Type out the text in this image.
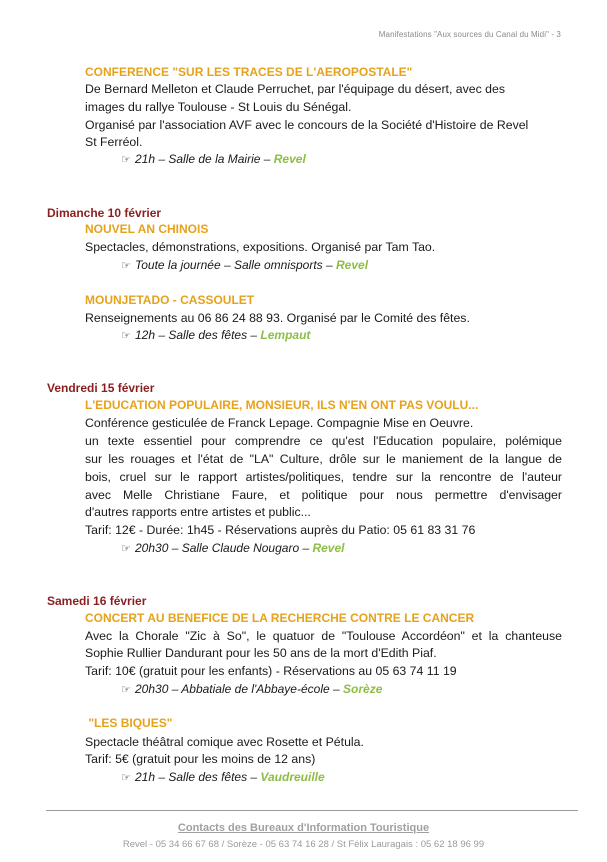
Manifestations "Aux sources du Canal du Midi" - 3
CONFERENCE "SUR LES TRACES DE L'AEROPOSTALE"
De Bernard Melleton et Claude Perruchet, par l'équipage du désert, avec des
images du rallye Toulouse - St Louis du Sénégal.
Organisé par l'association AVF avec le concours de la Société d'Histoire de Revel
St Ferréol.
☞ 21h – Salle de la Mairie – Revel
Dimanche 10 février
NOUVEL AN CHINOIS
Spectacles, démonstrations, expositions. Organisé par Tam Tao.
☞ Toute la journée – Salle omnisports – Revel
MOUNJETADO - CASSOULET
Renseignements au 06 86 24 88 93. Organisé par le Comité des fêtes.
☞ 12h – Salle des fêtes – Lempaut
Vendredi 15 février
L'EDUCATION POPULAIRE, MONSIEUR, ILS N'EN ONT PAS VOULU...
Conférence gesticulée de Franck Lepage. Compagnie Mise en Oeuvre.
un texte essentiel pour comprendre ce qu'est l'Education populaire, polémique
sur les rouages et l'état de "LA" Culture, drôle sur le maniement de la langue de
bois, cruel sur le rapport artistes/politiques, tendre sur la rencontre de l'auteur
avec Melle Christiane Faure, et politique pour nous permettre d'envisager
d'autres rapports entre artistes et public...
Tarif: 12€ - Durée: 1h45 - Réservations auprès du Patio: 05 61 83 31 76
☞ 20h30 – Salle Claude Nougaro – Revel
Samedi 16 février
CONCERT AU BENEFICE DE LA RECHERCHE CONTRE LE CANCER
Avec la Chorale "Zic à So", le quatuor de "Toulouse Accordéon" et la chanteuse
Sophie Rullier Dandurant pour les 50 ans de la mort d'Edith Piaf.
Tarif: 10€ (gratuit pour les enfants) - Réservations au 05 63 74 11 19
☞ 20h30 – Abbatiale de l'Abbaye-école – Sorèze
"LES BIQUES"
Spectacle théâtral comique avec Rosette et Pétula.
Tarif: 5€ (gratuit pour les moins de 12 ans)
☞ 21h – Salle des fêtes – Vaudreuille
Contacts des Bureaux d'Information Touristique
Revel - 05 34 66 67 68 / Sorèze - 05 63 74 16 28 / St Félix Lauragais : 05 62 18 96 99
